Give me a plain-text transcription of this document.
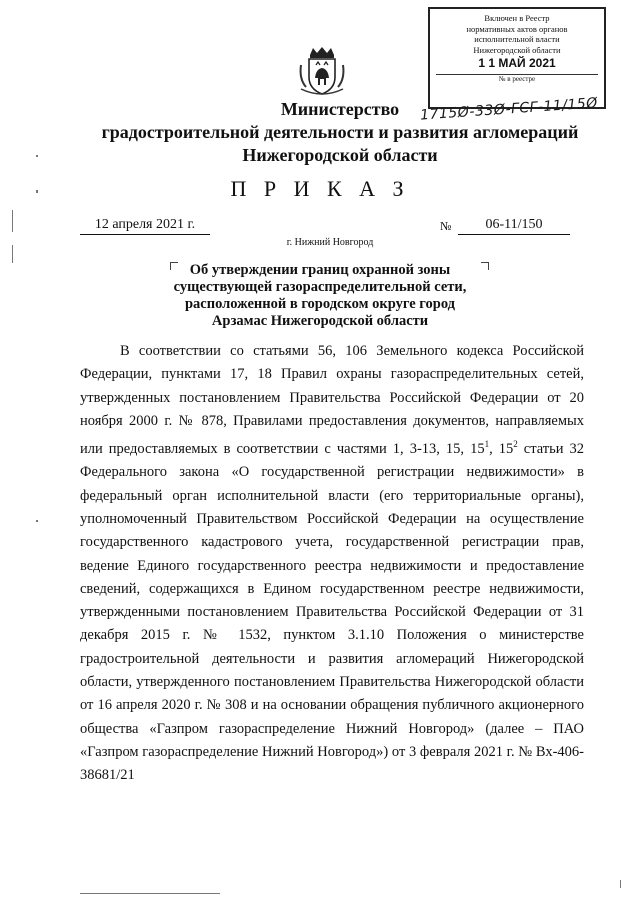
Включен в Реестр
нормативных актов органов
исполнительной власти
Нижегородской области
1 1 МАЙ 2021
№ в реестре
1715Ø-33Ø-ГСГ-11/15Ø
Министерство
градостроительной деятельности и развития агломераций
Нижегородской области
П Р И К А З
12 апреля 2021 г.	№	06-11/150
г. Нижний Новгород
Об утверждении границ охранной зоны
существующей газораспределительной сети,
расположенной в городском округе город
Арзамас Нижегородской области
В соответствии со статьями 56, 106 Земельного кодекса Российской Федерации, пунктами 17, 18 Правил охраны газораспределительных сетей, утвержденных постановлением Правительства Российской Федерации от 20 ноября 2000 г. № 878, Правилами предоставления документов, направляемых или предоставляемых в соответствии с частями 1, 3-13, 15, $15^1$, $15^2$ статьи 32 Федерального закона «О государственной регистрации недвижимости» в федеральный орган исполнительной власти (его территориальные органы), уполномоченный Правительством Российской Федерации на осуществление государственного кадастрового учета, государственной регистрации прав, ведение Единого государственного реестра недвижимости и предоставление сведений, содержащихся в Едином государственном реестре недвижимости, утвержденными постановлением Правительства Российской Федерации от 31 декабря 2015 г. № 1532, пунктом 3.1.10 Положения о министерстве градостроительной деятельности и развития агломераций Нижегородской области, утвержденного постановлением Правительства Нижегородской области от 16 апреля 2020 г. № 308 и на основании обращения публичного акционерного общества «Газпром газораспределение Нижний Новгород» (далее – ПАО «Газпром газораспределение Нижний Новгород») от 3 февраля 2021 г. № Вх-406-38681/21
